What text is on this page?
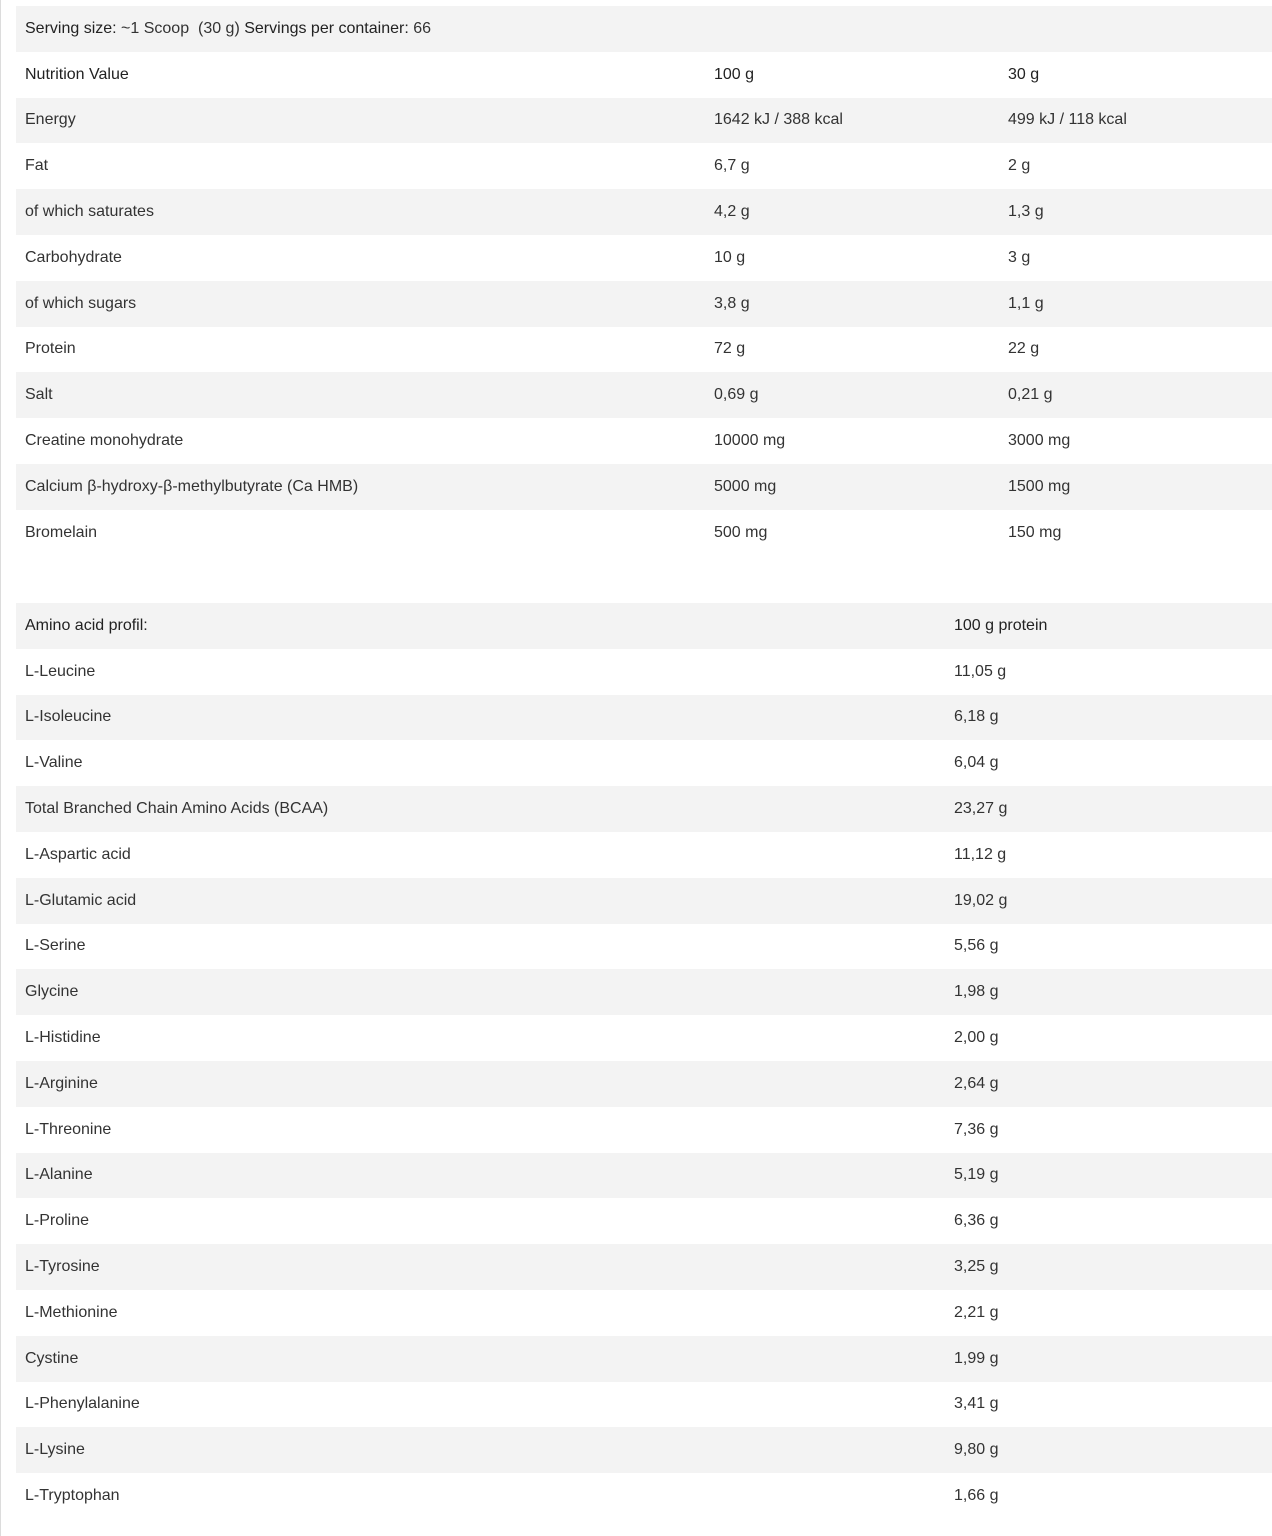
Serving size: ~1 Scoop  (30 g) Servings per container: 66
Nutrition Value	100 g	30 g
Energy	1642 kJ / 388 kcal	499 kJ / 118 kcal
Fat	6,7 g	2 g
of which saturates	4,2 g	1,3 g
Carbohydrate	10 g	3 g
of which sugars	3,8 g	1,1 g
Protein	72 g	22 g
Salt	0,69 g	0,21 g
Creatine monohydrate	10000 mg	3000 mg
Calcium β-hydroxy-β-methylbutyrate (Ca HMB)	5000 mg	1500 mg
Bromelain	500 mg	150 mg
Amino acid profil:	100 g protein
L-Leucine	11,05 g
L-Isoleucine	6,18 g
L-Valine	6,04 g
Total Branched Chain Amino Acids (BCAA)	23,27 g
L-Aspartic acid	11,12 g
L-Glutamic acid	19,02 g
L-Serine	5,56 g
Glycine	1,98 g
L-Histidine	2,00 g
L-Arginine	2,64 g
L-Threonine	7,36 g
L-Alanine	5,19 g
L-Proline	6,36 g
L-Tyrosine	3,25 g
L-Methionine	2,21 g
Cystine	1,99 g
L-Phenylalanine	3,41 g
L-Lysine	9,80 g
L-Tryptophan	1,66 g
